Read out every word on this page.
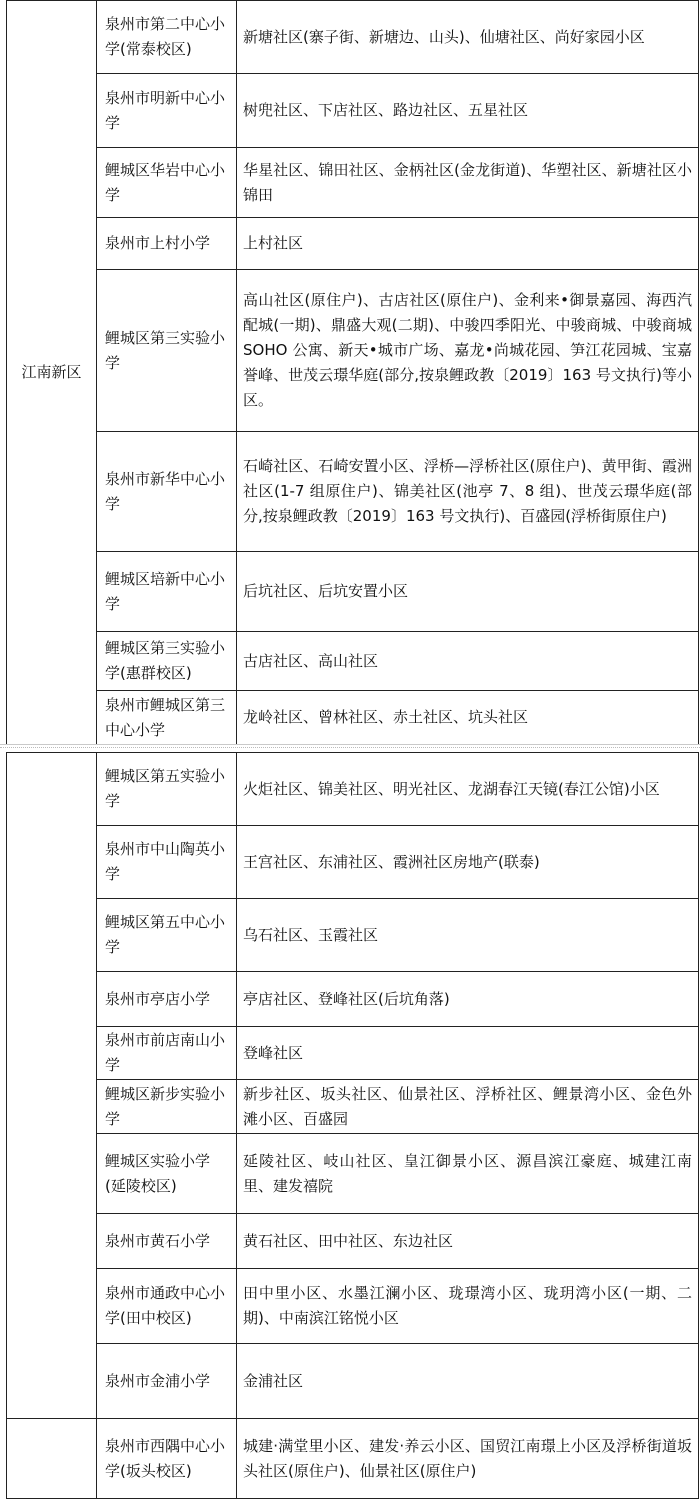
江南新区	泉州市第二中心小学(常泰校区)	新塘社区(寨子街、新塘边、山头)、仙塘社区、尚好家园小区
	泉州市明新中心小学	树兜社区、下店社区、路边社区、五星社区
	鲤城区华岩中心小学	华星社区、锦田社区、金柄社区(金龙街道)、华塑社区、新塘社区小锦田
	泉州市上村小学	上村社区
	鲤城区第三实验小学	高山社区(原住户)、古店社区(原住户)、金利来•御景嘉园、海西汽配城(一期)、鼎盛大观(二期)、中骏四季阳光、中骏商城、中骏商城 SOHO 公寓、新天•城市广场、嘉龙•尚城花园、笋江花园城、宝嘉誉峰、世茂云璟华庭(部分,按泉鲤政教〔2019〕163 号文执行)等小区。
	泉州市新华中心小学	石崎社区、石崎安置小区、浮桥—浮桥社区(原住户)、黄甲街、霞洲社区(1-7 组原住户)、锦美社区(池亭 7、8 组)、世茂云璟华庭(部分,按泉鲤政教〔2019〕163 号文执行)、百盛园(浮桥街原住户)
	鲤城区培新中心小学	后坑社区、后坑安置小区
	鲤城区第三实验小学(惠群校区)	古店社区、高山社区
	泉州市鲤城区第三中心小学	龙岭社区、曾林社区、赤土社区、坑头社区
	鲤城区第五实验小学	火炬社区、锦美社区、明光社区、龙湖春江天镜(春江公馆)小区
	泉州市中山陶英小学	王宫社区、东浦社区、霞洲社区房地产(联泰)
	鲤城区第五中心小学	乌石社区、玉霞社区
	泉州市亭店小学	亭店社区、登峰社区(后坑角落)
	泉州市前店南山小学	登峰社区
	鲤城区新步实验小学	新步社区、坂头社区、仙景社区、浮桥社区、鲤景湾小区、金色外滩小区、百盛园
	鲤城区实验小学(延陵校区)	延陵社区、岐山社区、皇江御景小区、源昌滨江豪庭、城建江南里、建发禧院
	泉州市黄石小学	黄石社区、田中社区、东边社区
	泉州市通政中心小学(田中校区)	田中里小区、水墨江澜小区、珑璟湾小区、珑玥湾小区(一期、二期)、中南滨江铭悦小区
	泉州市金浦小学	金浦社区
	泉州市西隅中心小学(坂头校区)	城建·满堂里小区、建发·养云小区、国贸江南璟上小区及浮桥街道坂头社区(原住户)、仙景社区(原住户)
